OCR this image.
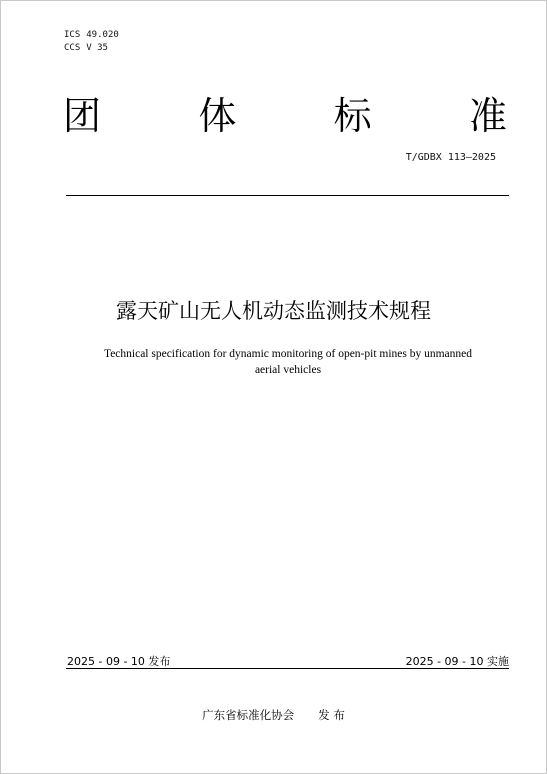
ICS 49.020
CCS V 35
团	体	标	准
T/GDBX 113—2025
露天矿山无人机动态监测技术规程
Technical specification for dynamic monitoring of open-pit mines by unmanned
aerial vehicles
2025 - 09 - 10 发布	2025 - 09 - 10 实施
广东省标准化协会 发 布
